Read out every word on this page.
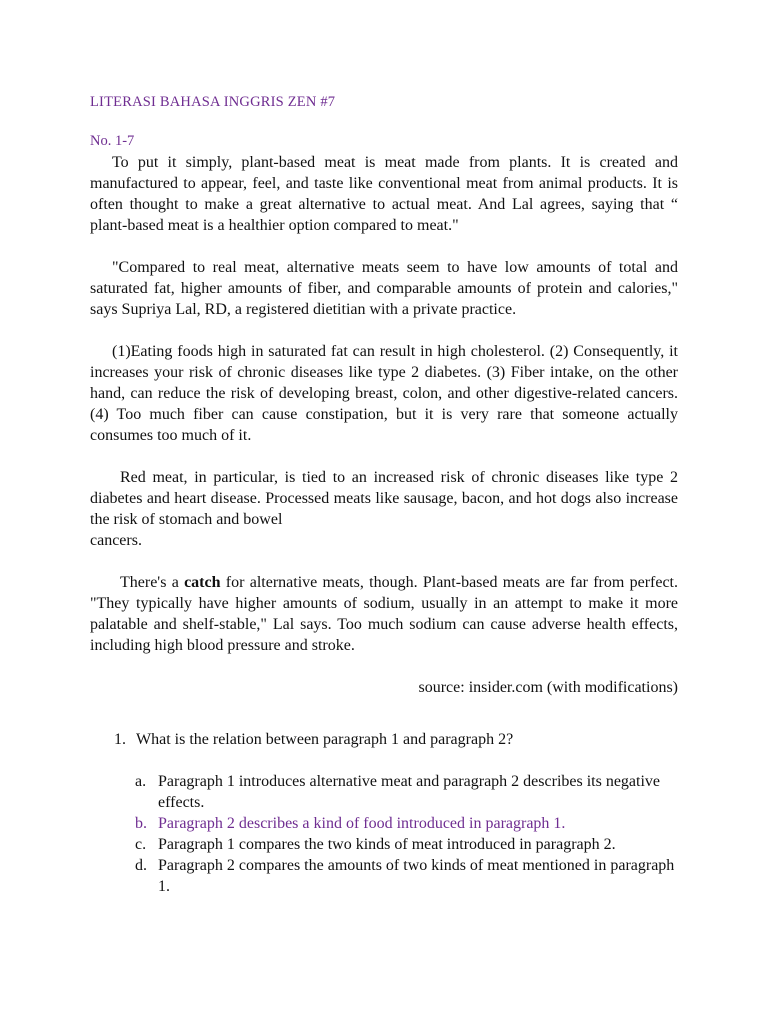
LITERASI BAHASA INGGRIS ZEN #7
No. 1-7

To put it simply, plant-based meat is meat made from plants. It is created and manufactured to appear, feel, and taste like conventional meat from animal products. It is often thought to make a great alternative to actual meat. And Lal agrees, saying that “ plant-based meat is a healthier option compared to meat."

"Compared to real meat, alternative meats seem to have low amounts of total and saturated fat, higher amounts of fiber, and comparable amounts of protein and calories," says Supriya Lal, RD, a registered dietitian with a private practice.

(1)Eating foods high in saturated fat can result in high cholesterol. (2) Consequently, it increases your risk of chronic diseases like type 2 diabetes. (3) Fiber intake, on the other hand, can reduce the risk of developing breast, colon, and other digestive-related cancers. (4) Too much fiber can cause constipation, but it is very rare that someone actually consumes too much of it.

Red meat, in particular, is tied to an increased risk of chronic diseases like type 2 diabetes and heart disease. Processed meats like sausage, bacon, and hot dogs also increase the risk of stomach and bowel

cancers.

There's a catch for alternative meats, though. Plant-based meats are far from perfect. "They typically have higher amounts of sodium, usually in an attempt to make it more palatable and shelf-stable," Lal says. Too much sodium can cause adverse health effects, including high blood pressure and stroke.

source: insider.com (with modifications)
1. What is the relation between paragraph 1 and paragraph 2?
a. Paragraph 1 introduces alternative meat and paragraph 2 describes its negative effects.
b. Paragraph 2 describes a kind of food introduced in paragraph 1.
c. Paragraph 1 compares the two kinds of meat introduced in paragraph 2.
d. Paragraph 2 compares the amounts of two kinds of meat mentioned in paragraph 1.
